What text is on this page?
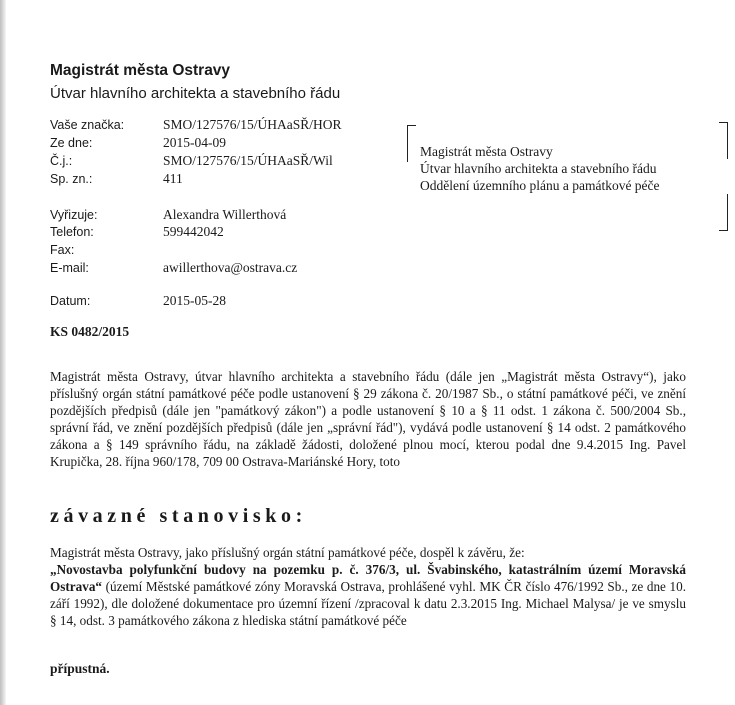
Magistrát města Ostravy
Útvar hlavního architekta a stavebního řádu
Vaše značka:	SMO/127576/15/ÚHAaSŘ/HOR
Ze dne:	2015-04-09
Č.j.:	SMO/127576/15/ÚHAaSŘ/Wil
Sp. zn.:	411
Vyřizuje:	Alexandra Willerthová
Telefon:	599442042
Fax:
E-mail:	awillerthova@ostrava.cz
Datum:	2015-05-28
Magistrát města Ostravy
Útvar hlavního architekta a stavebního řádu
Oddělení územního plánu a památkové péče
KS 0482/2015

Magistrát města Ostravy, útvar hlavního architekta a stavebního řádu (dále jen „Magistrát města Ostravy“), jako příslušný orgán státní památkové péče podle ustanovení § 29 zákona č. 20/1987 Sb., o státní památkové péči, ve znění pozdějších předpisů (dále jen "památkový zákon") a podle ustanovení § 10 a § 11 odst. 1 zákona č. 500/2004 Sb., správní řád, ve znění pozdějších předpisů (dále jen „správní řád"), vydává podle ustanovení § 14 odst. 2 památkového zákona a § 149 správního řádu, na základě žádosti, doložené plnou mocí, kterou podal dne 9.4.2015 Ing. Pavel Krupička, 28. října 960/178, 709 00 Ostrava-Mariánské Hory, toto

závazné stanovisko:

Magistrát města Ostravy, jako příslušný orgán státní památkové péče, dospěl k závěru, že:

„Novostavba polyfunkční budovy na pozemku p. č. 376/3, ul. Švabinského, katastrálním území Moravská Ostrava“ (území Městské památkové zóny Moravská Ostrava, prohlášené vyhl. MK ČR číslo 476/1992 Sb., ze dne 10. září 1992), dle doložené dokumentace pro územní řízení /zpracoval k datu 2.3.2015 Ing. Michael Malysa/ je ve smyslu § 14, odst. 3 památkového zákona z hlediska státní památkové péče

přípustná.
